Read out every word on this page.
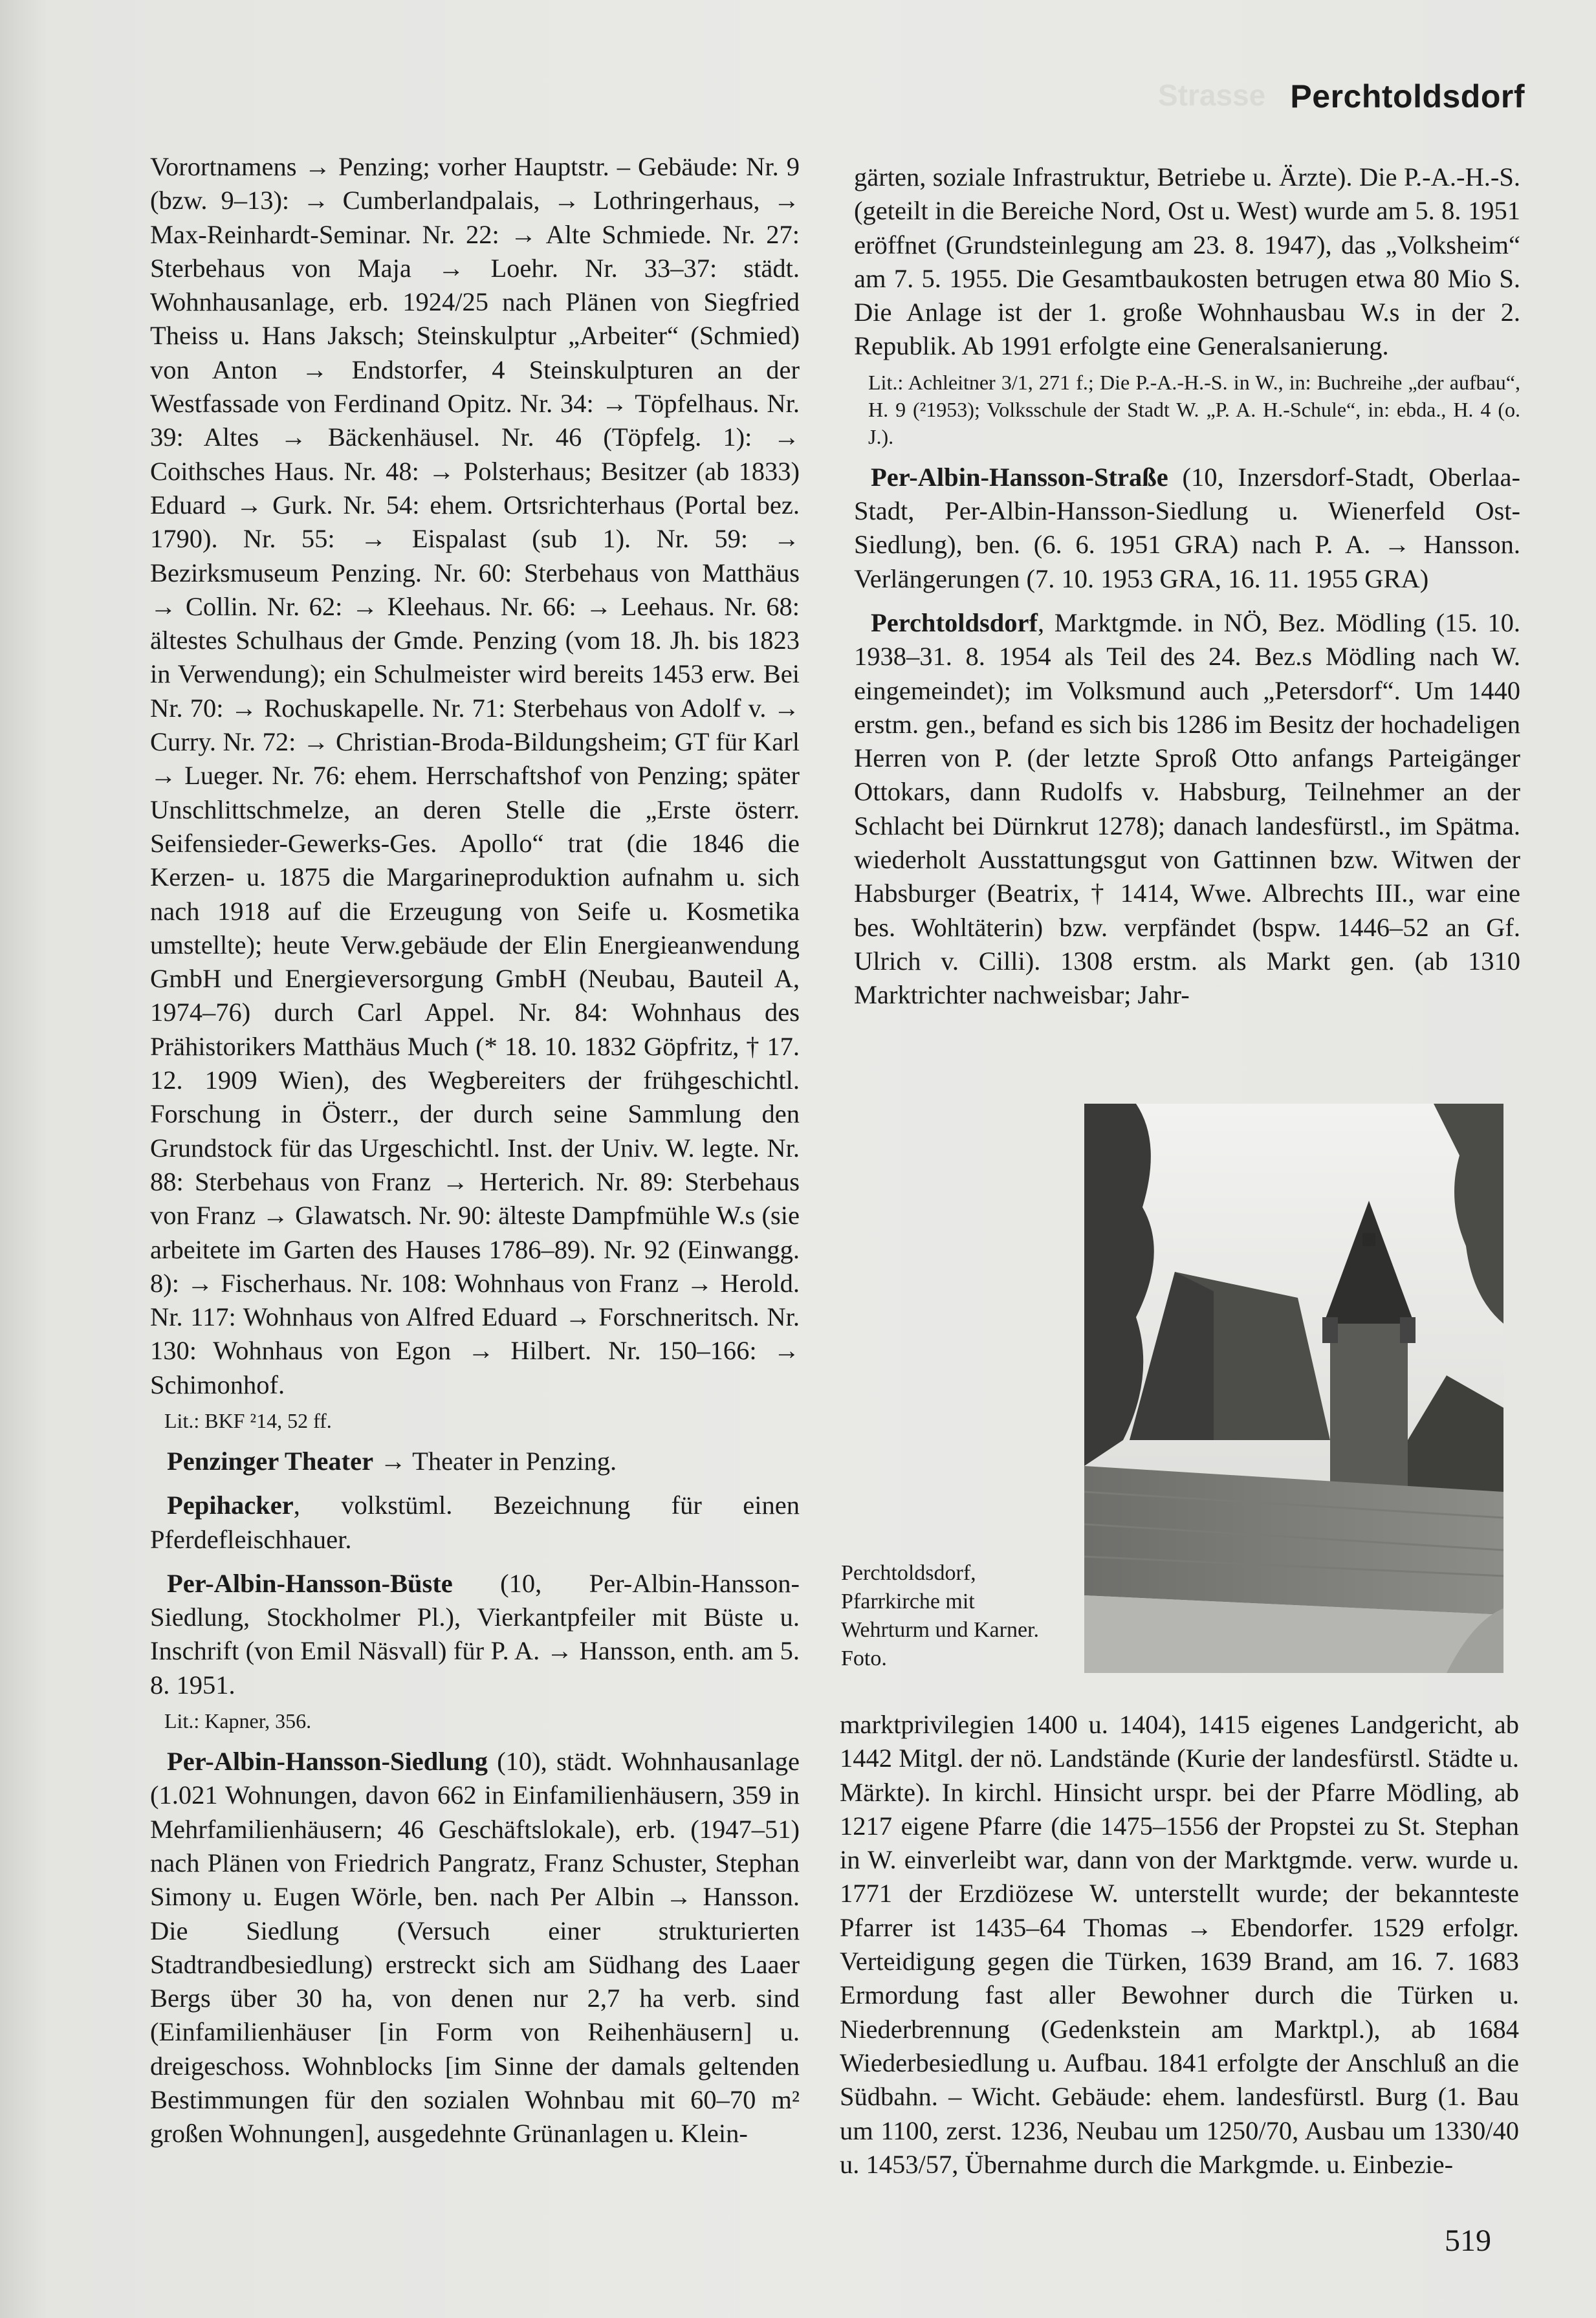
Strasse Perchtoldsdorf

Vorortnamens → Penzing; vorher Hauptstr. – Gebäude: Nr. 9 (bzw. 9–13): → Cumberlandpalais, → Lothringerhaus, → Max-Reinhardt-Seminar. Nr. 22: → Alte Schmiede. Nr. 27: Sterbehaus von Maja → Loehr. Nr. 33–37: städt. Wohnhausanlage, erb. 1924/25 nach Plänen von Siegfried Theiss u. Hans Jaksch; Steinskulptur „Arbeiter“ (Schmied) von Anton → Endstorfer, 4 Steinskulpturen an der Westfassade von Ferdinand Opitz. Nr. 34: → Töpfelhaus. Nr. 39: Altes → Bäckenhäusel. Nr. 46 (Töpfelg. 1): → Coithsches Haus. Nr. 48: → Polsterhaus; Besitzer (ab 1833) Eduard → Gurk. Nr. 54: ehem. Ortsrichterhaus (Portal bez. 1790). Nr. 55: → Eispalast (sub 1). Nr. 59: → Bezirksmuseum Penzing. Nr. 60: Sterbehaus von Matthäus → Collin. Nr. 62: → Kleehaus. Nr. 66: → Leehaus. Nr. 68: ältestes Schulhaus der Gmde. Penzing (vom 18. Jh. bis 1823 in Verwendung); ein Schulmeister wird bereits 1453 erw. Bei Nr. 70: → Rochuskapelle. Nr. 71: Sterbehaus von Adolf v. → Curry. Nr. 72: → Christian-Broda-Bildungsheim; GT für Karl → Lueger. Nr. 76: ehem. Herrschaftshof von Penzing; später Unschlittschmelze, an deren Stelle die „Erste österr. Seifensieder-Gewerks-Ges. Apollo“ trat (die 1846 die Kerzen- u. 1875 die Margarineproduktion aufnahm u. sich nach 1918 auf die Erzeugung von Seife u. Kosmetika umstellte); heute Verw.gebäude der Elin Energieanwendung GmbH und Energieversorgung GmbH (Neubau, Bauteil A, 1974–76) durch Carl Appel. Nr. 84: Wohnhaus des Prähistorikers Matthäus Much (* 18. 10. 1832 Göpfritz, † 17. 12. 1909 Wien), des Wegbereiters der frühgeschichtl. Forschung in Österr., der durch seine Sammlung den Grundstock für das Urgeschichtl. Inst. der Univ. W. legte. Nr. 88: Sterbehaus von Franz → Herterich. Nr. 89: Sterbehaus von Franz → Glawatsch. Nr. 90: älteste Dampfmühle W.s (sie arbeitete im Garten des Hauses 1786–89). Nr. 92 (Einwangg. 8): → Fischerhaus. Nr. 108: Wohnhaus von Franz → Herold. Nr. 117: Wohnhaus von Alfred Eduard → Forschneritsch. Nr. 130: Wohnhaus von Egon → Hilbert. Nr. 150–166: → Schimonhof.

Lit.: BKF ²14, 52 ff.

Penzinger Theater → Theater in Penzing.

Pepihacker, volkstüml. Bezeichnung für einen Pferdefleischhauer.

Per-Albin-Hansson-Büste (10, Per-Albin-Hansson-Siedlung, Stockholmer Pl.), Vierkantpfeiler mit Büste u. Inschrift (von Emil Näsvall) für P. A. → Hansson, enth. am 5. 8. 1951.

Lit.: Kapner, 356.

Per-Albin-Hansson-Siedlung (10), städt. Wohnhausanlage (1.021 Wohnungen, davon 662 in Einfamilienhäusern, 359 in Mehrfamilienhäusern; 46 Geschäftslokale), erb. (1947–51) nach Plänen von Friedrich Pangratz, Franz Schuster, Stephan Simony u. Eugen Wörle, ben. nach Per Albin → Hansson. Die Siedlung (Versuch einer strukturierten Stadtrandbesiedlung) erstreckt sich am Südhang des Laaer Bergs über 30 ha, von denen nur 2,7 ha verb. sind (Einfamilienhäuser [in Form von Reihenhäusern] u. dreigeschoss. Wohnblocks [im Sinne der damals geltenden Bestimmungen für den sozialen Wohnbau mit 60–70 m² großen Wohnungen], ausgedehnte Grünanlagen u. Klein-

gärten, soziale Infrastruktur, Betriebe u. Ärzte). Die P.-A.-H.-S. (geteilt in die Bereiche Nord, Ost u. West) wurde am 5. 8. 1951 eröffnet (Grundsteinlegung am 23. 8. 1947), das „Volksheim“ am 7. 5. 1955. Die Gesamtbaukosten betrugen etwa 80 Mio S. Die Anlage ist der 1. große Wohnhausbau W.s in der 2. Republik. Ab 1991 erfolgte eine Generalsanierung.

Lit.: Achleitner 3/1, 271 f.; Die P.-A.-H.-S. in W., in: Buchreihe „der aufbau“, H. 9 (²1953); Volksschule der Stadt W. „P. A. H.-Schule“, in: ebda., H. 4 (o. J.).

Per-Albin-Hansson-Straße (10, Inzersdorf-Stadt, Oberlaa-Stadt, Per-Albin-Hansson-Siedlung u. Wienerfeld Ost-Siedlung), ben. (6. 6. 1951 GRA) nach P. A. → Hansson. Verlängerungen (7. 10. 1953 GRA, 16. 11. 1955 GRA)

Perchtoldsdorf, Marktgmde. in NÖ, Bez. Mödling (15. 10. 1938–31. 8. 1954 als Teil des 24. Bez.s Mödling nach W. eingemeindet); im Volksmund auch „Petersdorf“. Um 1440 erstm. gen., befand es sich bis 1286 im Besitz der hochadeligen Herren von P. (der letzte Sproß Otto anfangs Parteigänger Ottokars, dann Rudolfs v. Habsburg, Teilnehmer an der Schlacht bei Dürnkrut 1278); danach landesfürstl., im Spätma. wiederholt Ausstattungsgut von Gattinnen bzw. Witwen der Habsburger (Beatrix, † 1414, Wwe. Albrechts III., war eine bes. Wohltäterin) bzw. verpfändet (bspw. 1446–52 an Gf. Ulrich v. Cilli). 1308 erstm. als Markt gen. (ab 1310 Marktrichter nachweisbar; Jahr-

Perchtoldsdorf, Pfarrkirche mit Wehrturm und Karner. Foto.

marktprivilegien 1400 u. 1404), 1415 eigenes Landgericht, ab 1442 Mitgl. der nö. Landstände (Kurie der landesfürstl. Städte u. Märkte). In kirchl. Hinsicht urspr. bei der Pfarre Mödling, ab 1217 eigene Pfarre (die 1475–1556 der Propstei zu St. Stephan in W. einverleibt war, dann von der Marktgmde. verw. wurde u. 1771 der Erzdiözese W. unterstellt wurde; der bekannteste Pfarrer ist 1435–64 Thomas → Ebendorfer. 1529 erfolgr. Verteidigung gegen die Türken, 1639 Brand, am 16. 7. 1683 Ermordung fast aller Bewohner durch die Türken u. Niederbrennung (Gedenkstein am Marktpl.), ab 1684 Wiederbesiedlung u. Aufbau. 1841 erfolgte der Anschluß an die Südbahn. – Wicht. Gebäude: ehem. landesfürstl. Burg (1. Bau um 1100, zerst. 1236, Neubau um 1250/70, Ausbau um 1330/40 u. 1453/57, Übernahme durch die Markgmde. u. Einbezie-

519
